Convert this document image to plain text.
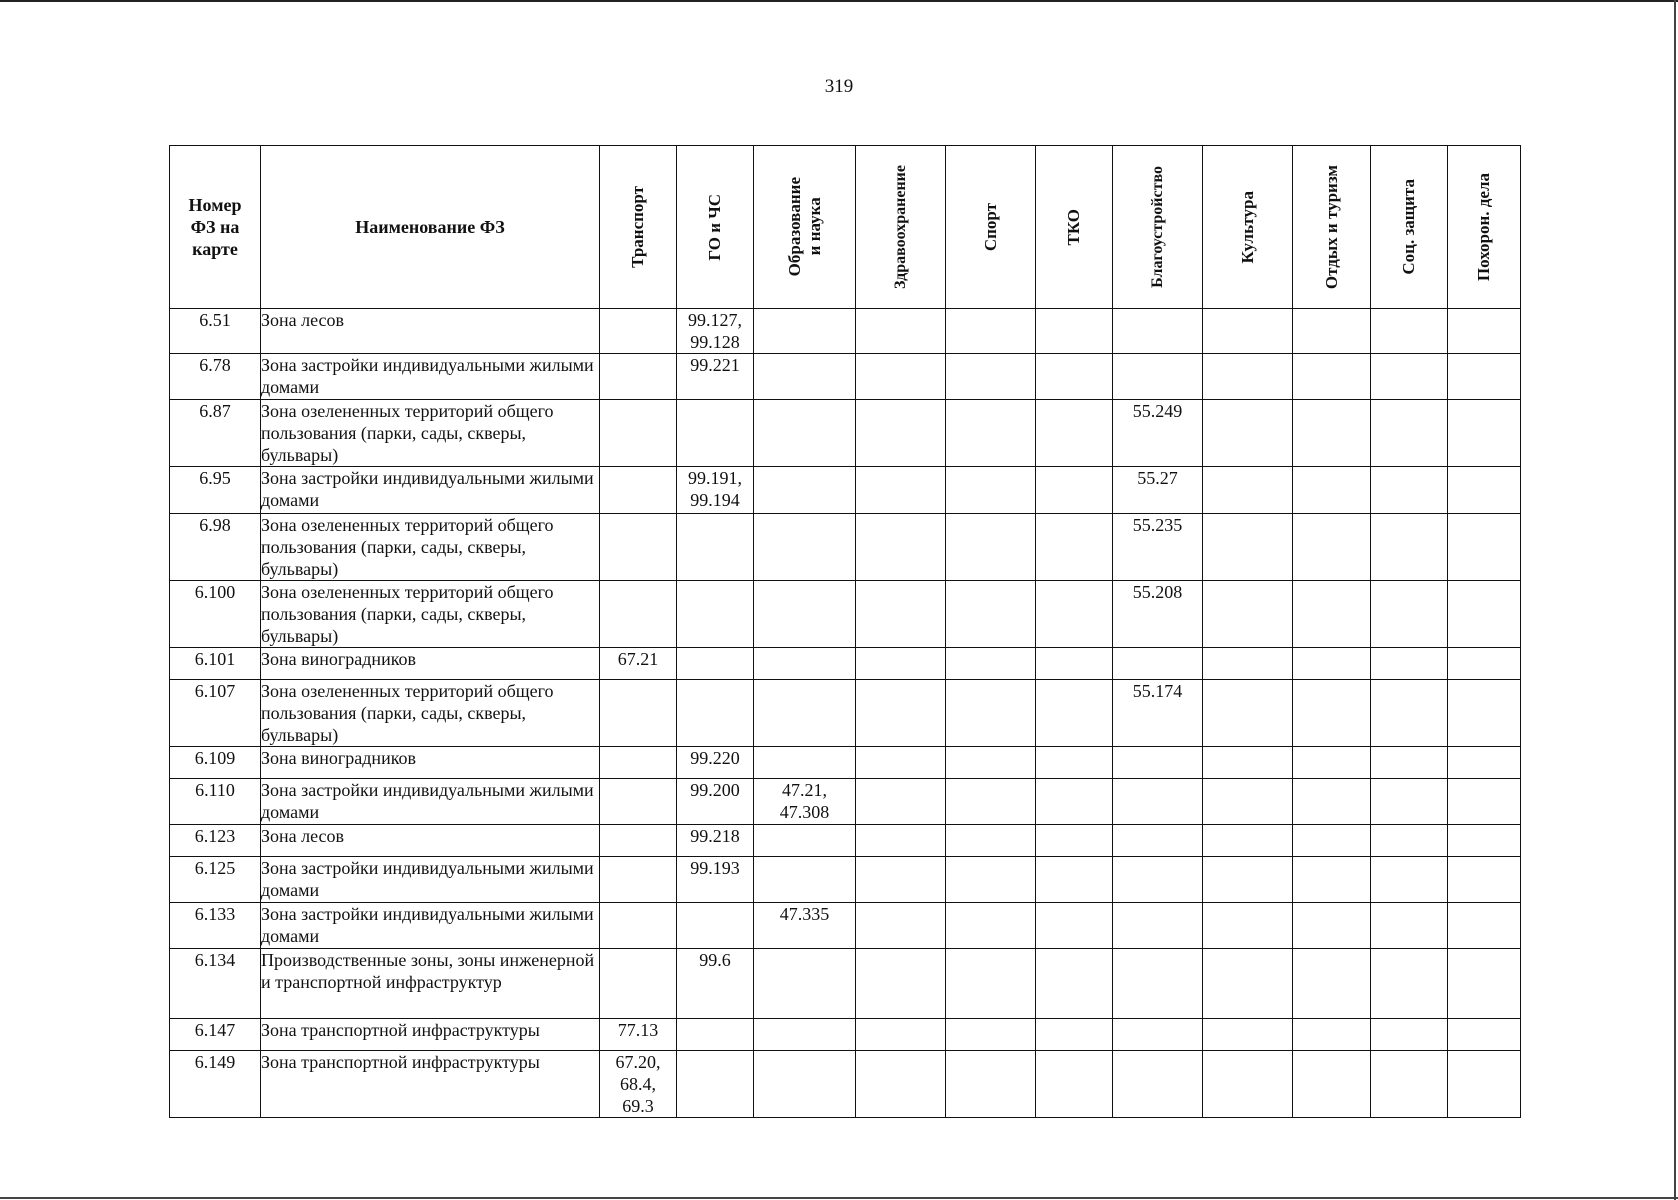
319
Номер
ФЗ на
карте	Наименование ФЗ	Транспорт	ГО и ЧС	Образование
и наука	Здравоохранение	Спорт	ТКО	Благоустройство	Культура	Отдых и туризм	Соц. защита	Похорон. дела

6.51	Зона лесов		99.127,
99.128									
6.78	Зона застройки индивидуальными жилыми домами		99.221									
6.87	Зона озелененных территорий общего пользования (парки, сады, скверы, бульвары)							55.249				
6.95	Зона застройки индивидуальными жилыми домами		99.191,
99.194					55.27				
6.98	Зона озелененных территорий общего пользования (парки, сады, скверы, бульвары)							55.235				
6.100	Зона озелененных территорий общего пользования (парки, сады, скверы, бульвары)							55.208				
6.101	Зона виноградников	67.21										
6.107	Зона озелененных территорий общего пользования (парки, сады, скверы, бульвары)							55.174				
6.109	Зона виноградников		99.220									
6.110	Зона застройки индивидуальными жилыми домами		99.200	47.21,
47.308								
6.123	Зона лесов		99.218									
6.125	Зона застройки индивидуальными жилыми домами		99.193									
6.133	Зона застройки индивидуальными жилыми домами			47.335								
6.134	Производственные зоны, зоны инженерной и транспортной инфраструктур		99.6									
6.147	Зона транспортной инфраструктуры	77.13										
6.149	Зона транспортной инфраструктуры	67.20,
68.4,
69.3										
